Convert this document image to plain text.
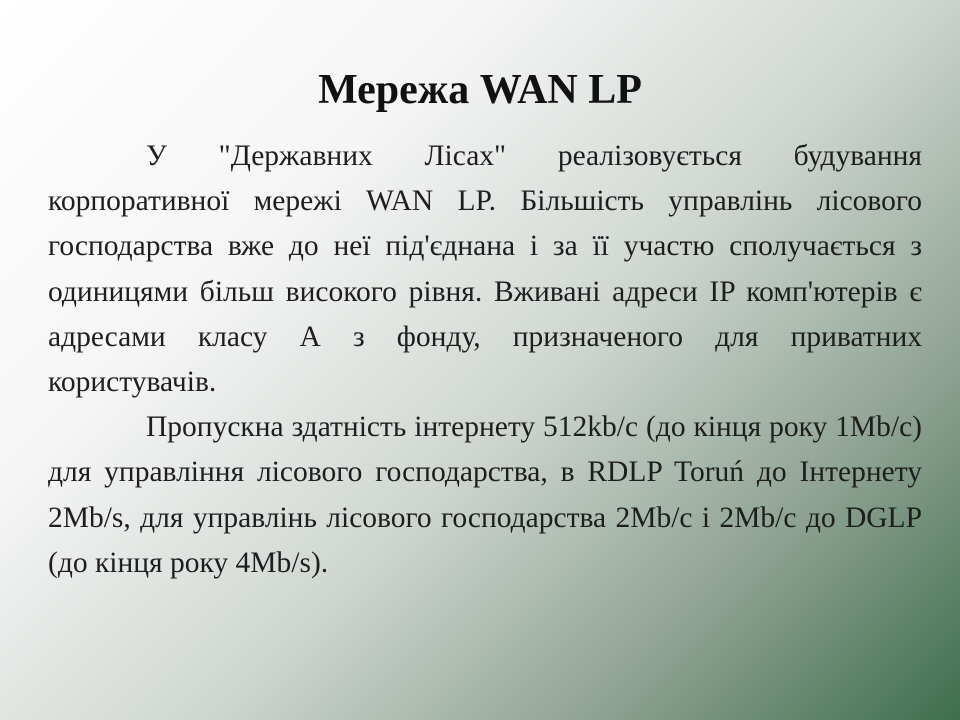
Мережа WAN LP

У "Державних Лісах" реалізовується будування корпоративної мережі WAN LP. Більшість управлінь лісового господарства вже до неї під'єднана і за її участю сполучається з одиницями більш високого рівня. Вживані адреси IP комп'ютерів є адресами класу А з фонду, призначеного для приватних користувачів.

Пропускна здатність інтернету 512kb/c (до кінця року 1Mb/c) для управління лісового господарства, в RDLP Toruń до Інтернету 2Mb/s, для управлінь лісового господарства 2Mb/c і 2Mb/c до DGLP (до кінця року 4Mb/s).
